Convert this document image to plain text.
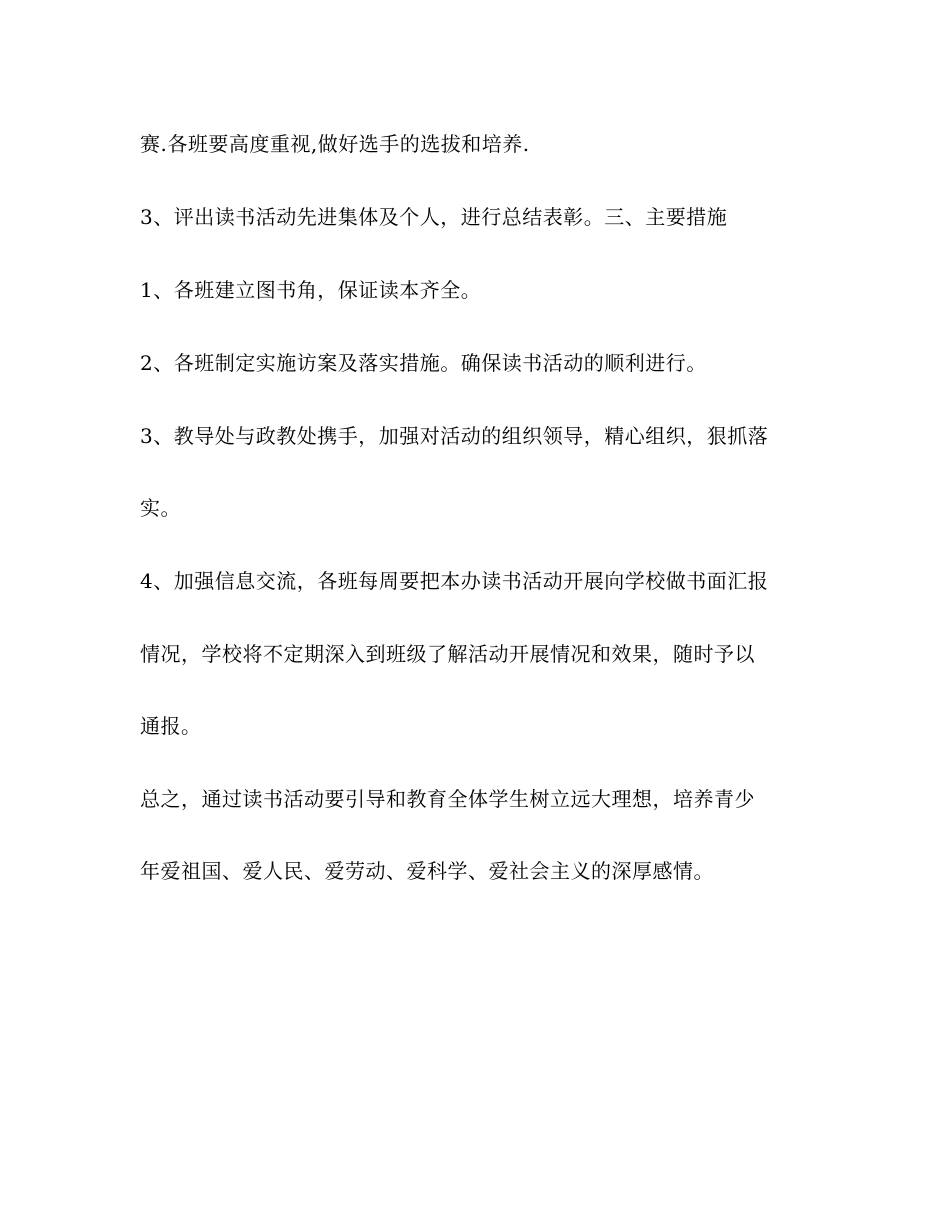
赛.各班要高度重视,做好选手的选拔和培养.
3、评出读书活动先进集体及个人，进行总结表彰。三、主要措施
1、各班建立图书角，保证读本齐全。
2、各班制定实施访案及落实措施。确保读书活动的顺利进行。
3、教导处与政教处携手，加强对活动的组织领导，精心组织，狠抓落
实。
4、加强信息交流，各班每周要把本办读书活动开展向学校做书面汇报
情况，学校将不定期深入到班级了解活动开展情况和效果，随时予以
通报。
总之，通过读书活动要引导和教育全体学生树立远大理想，培养青少
年爱祖国、爱人民、爱劳动、爱科学、爱社会主义的深厚感情。
